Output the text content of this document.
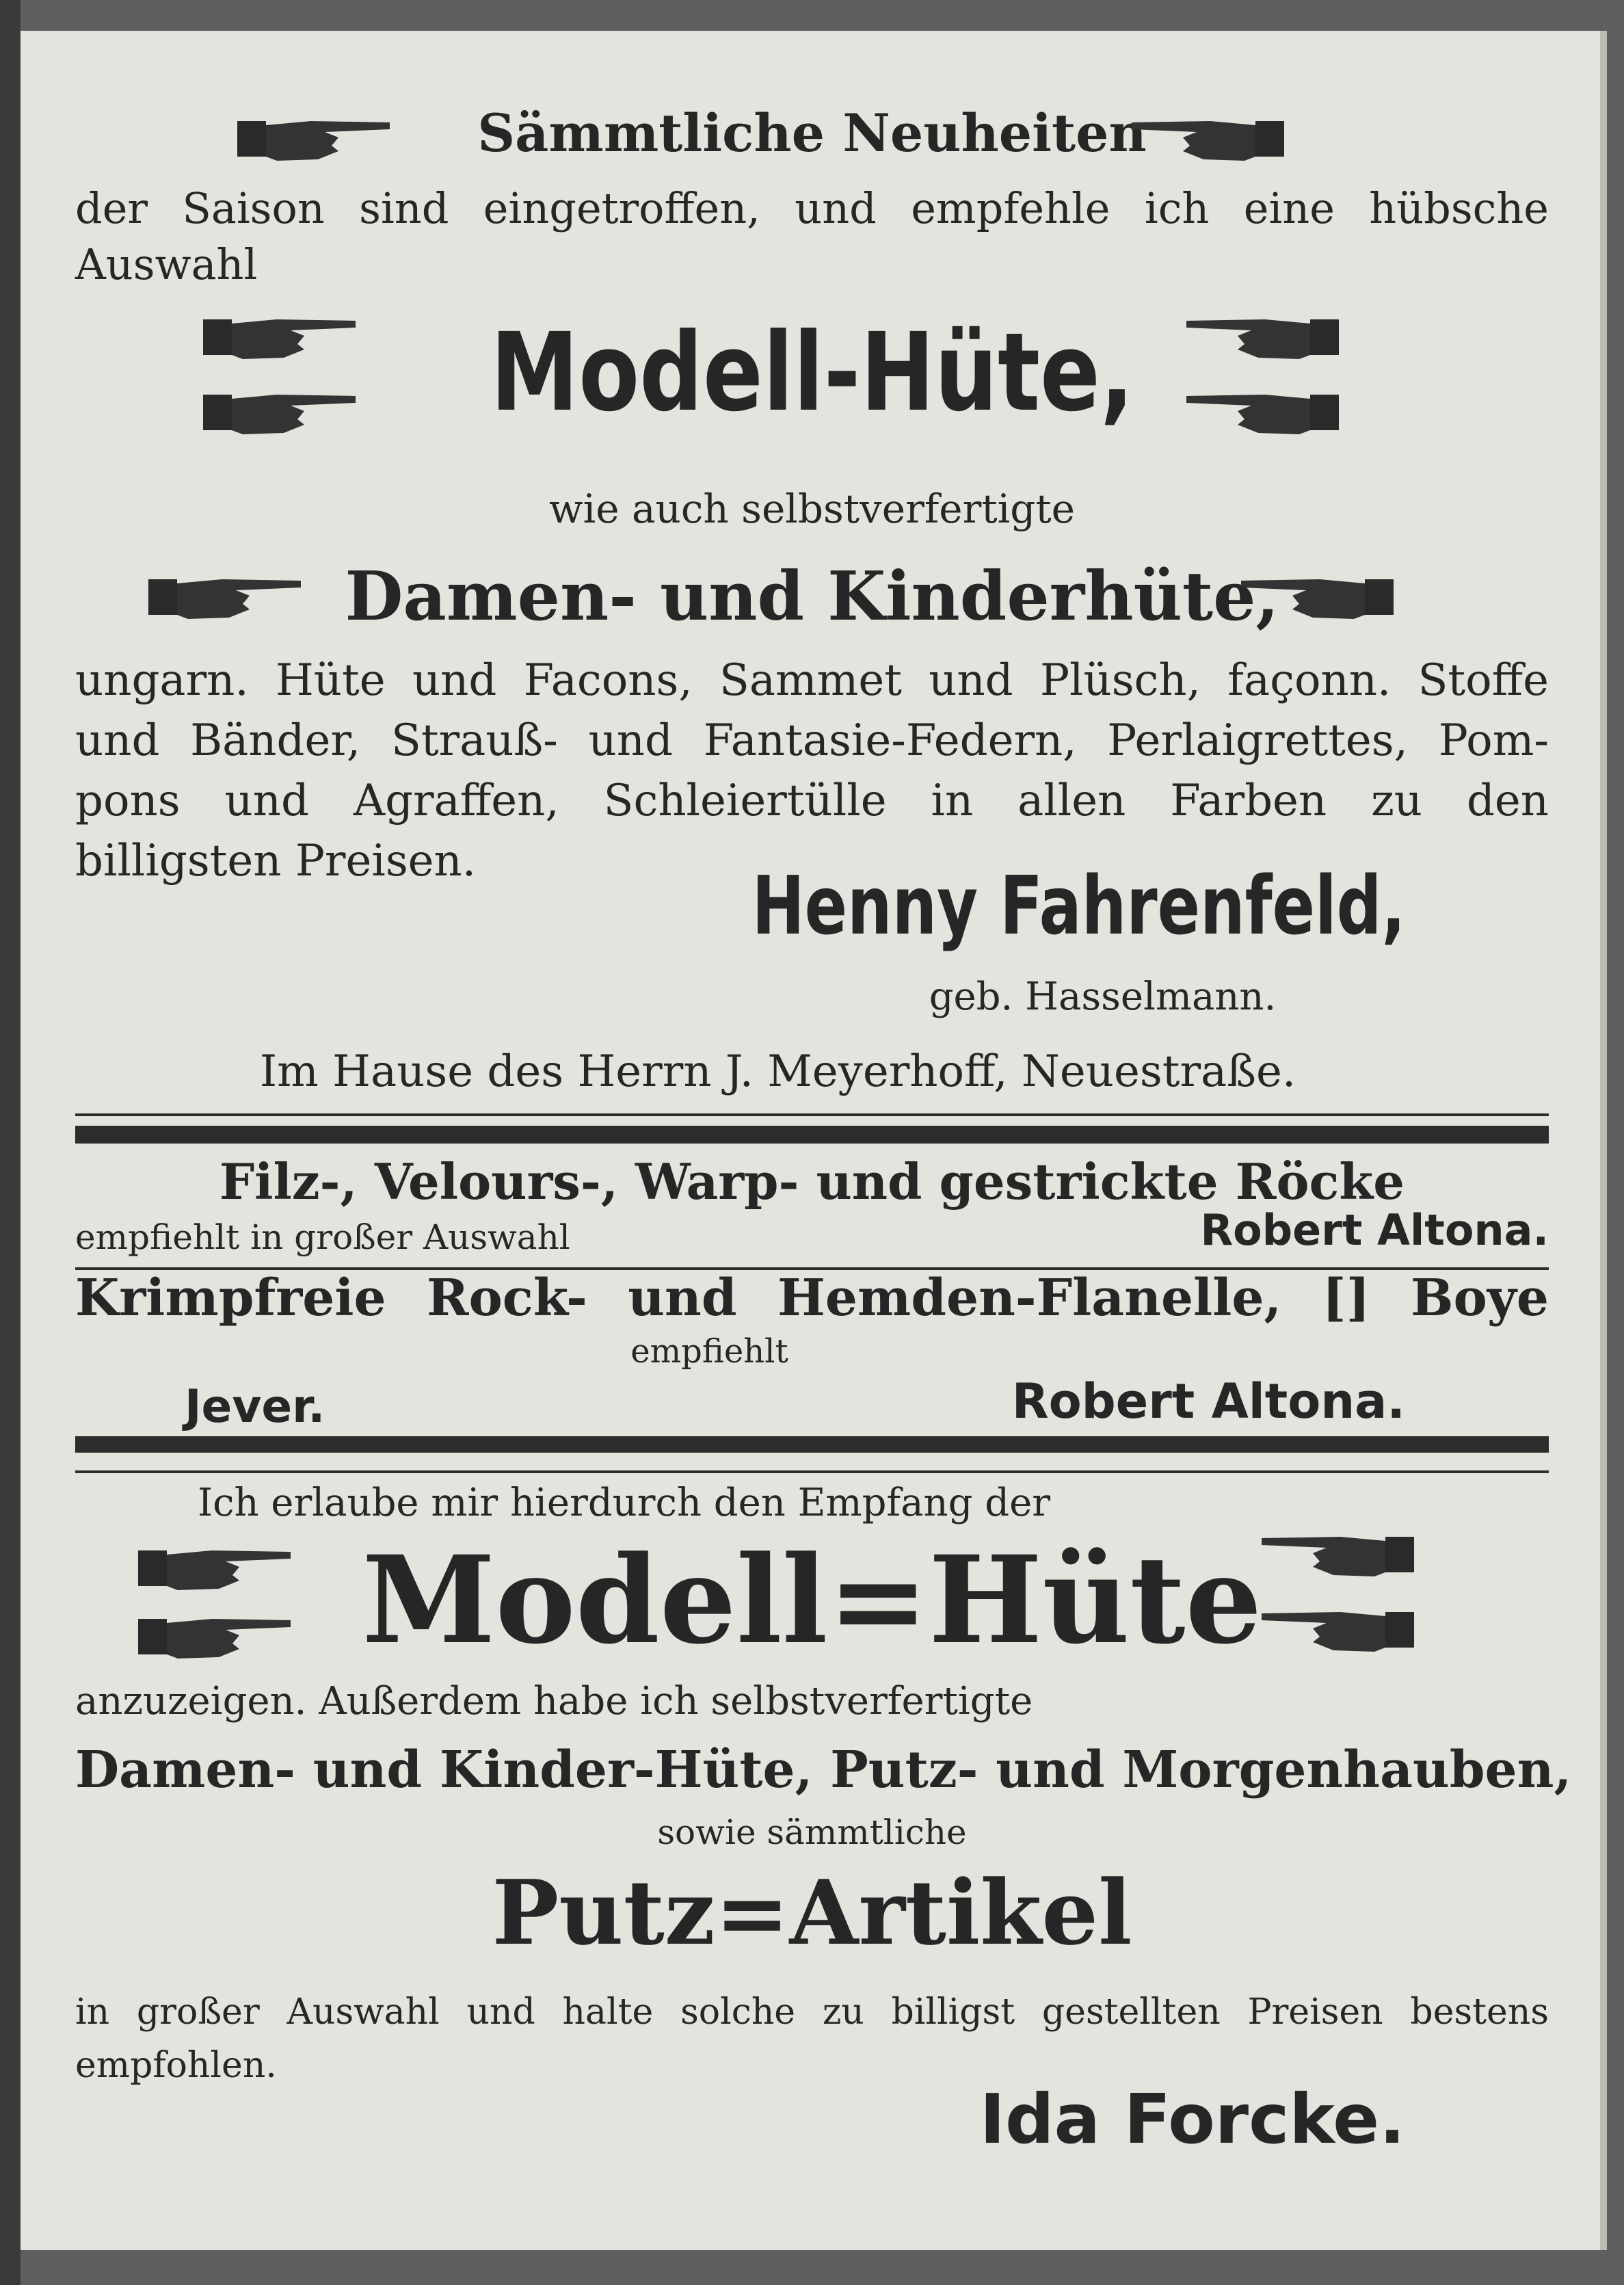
Sämmtliche Neuheiten
der Saison sind eingetroffen, und empfehle ich eine hübsche
Auswahl
Modell-Hüte,
wie auch selbstverfertigte
Damen- und Kinderhüte,
ungarn. Hüte und Facons, Sammet und Plüsch, façonn. Stoffe
und Bänder, Strauß- und Fantasie-Federn, Perlaigrettes, Pom-
pons und Agraffen, Schleiertülle in allen Farben zu den
billigsten Preisen.	Henny Fahrenfeld,
geb. Hasselmann.
Im Hause des Herrn J. Meyerhoff, Neuestraße.
Filz-, Velours-, Warp- und gestrickte Röcke
empfiehlt in großer Auswahl	Robert Altona.
Krimpfreie Rock- und Hemden-Flanelle, [] Boye
empfiehlt
Jever.	Robert Altona.
Ich erlaube mir hierdurch den Empfang der
Modell=Hüte
anzuzeigen. Außerdem habe ich selbstverfertigte
Damen- und Kinder-Hüte, Putz- und Morgenhauben,
sowie sämmtliche
Putz=Artikel
in großer Auswahl und halte solche zu billigst gestellten Preisen bestens
empfohlen.
Ida Forcke.
